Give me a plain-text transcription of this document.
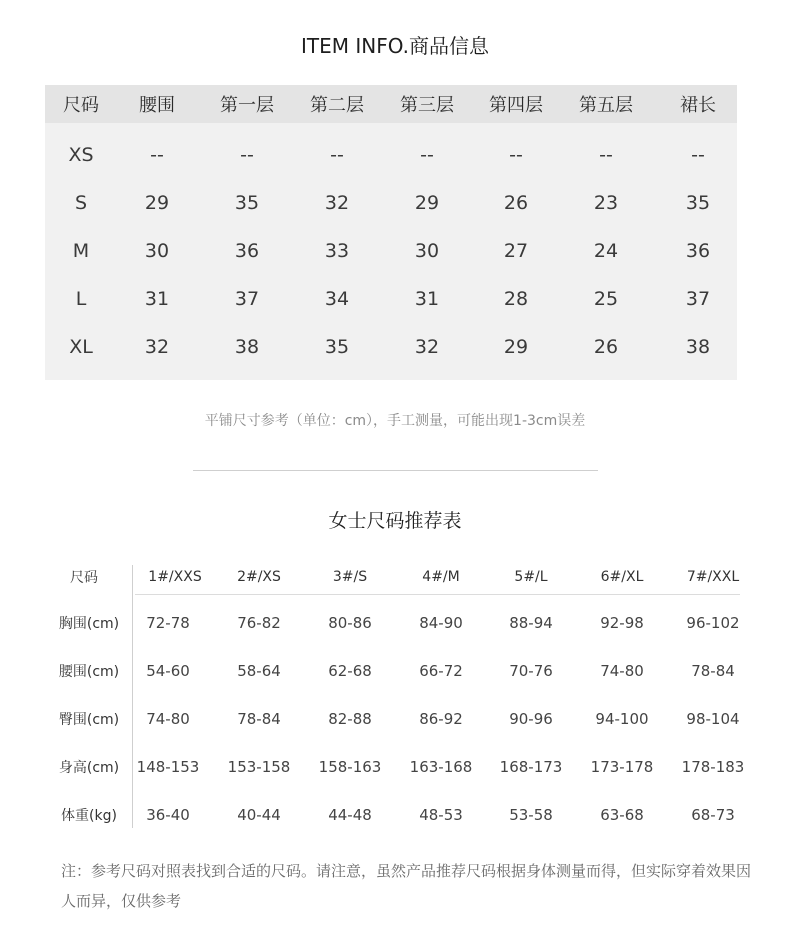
ITEM INFO.商品信息
尺码 腰围	第一层 第二层 第三层 第四层 第五层	裙长
XS	--	--	--	--	--	--	--
S	29	35	32	29	26	23	35
M	30	36	33	30	27	24	36
L	31	37	34	31	28	25	37
XL	32	38	35	32	29	26	38
平铺尺寸参考（单位：cm），手工测量，可能出现1-3cm误差
女士尺码推荐表
尺码	1#/XXS	2#/XS	3#/S	4#/M	5#/L	6#/XL	7#/XXL
胸围(cm) 72-78	76-82	80-86	84-90	88-94	92-98	96-102
腰围(cm) 54-60	58-64	62-68	66-72	70-76	74-80	78-84
臀围(cm) 74-80	78-84	82-88	86-92	90-96	94-100	98-104
身高(cm) 148-153 153-158 158-163 163-168 168-173 173-178 178-183
体重(kg) 36-40	40-44	44-48	48-53	53-58	63-68	68-73
注：参考尺码对照表找到合适的尺码。请注意，虽然产品推荐尺码根据身体测量而得，但实际穿着效果因人而异，仅供参考
